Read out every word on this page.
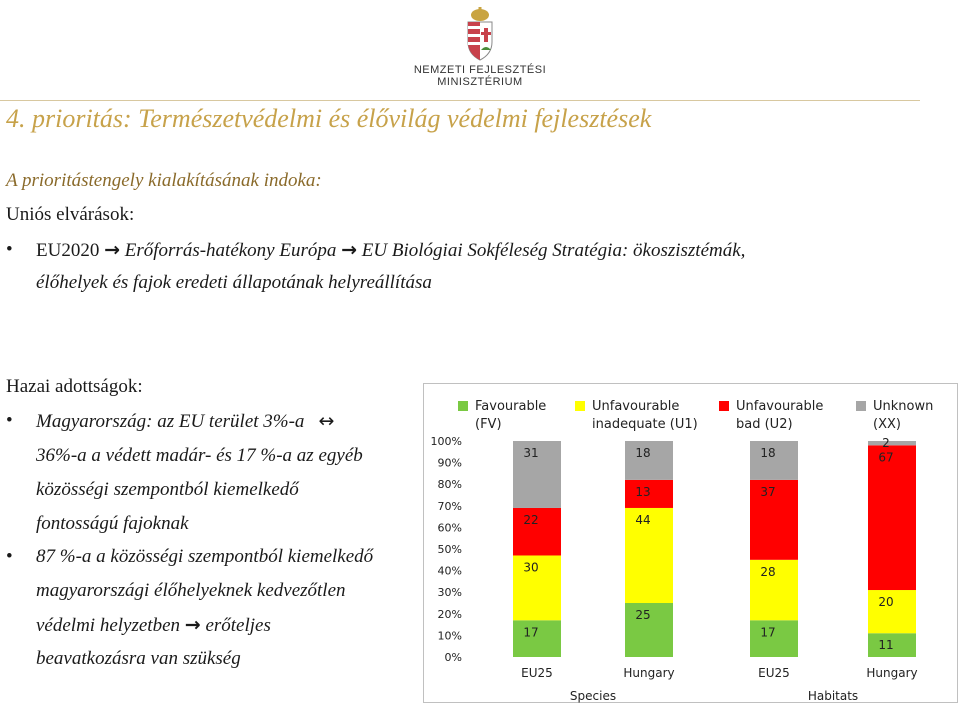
NEMZETI FEJLESZTÉSI
MINISZTÉRIUM
4. prioritás: Természetvédelmi és élővilág védelmi fejlesztések
A prioritástengely kialakításának indoka:
Uniós elvárások:
• EU2020 → Erőforrás-hatékony Európa → EU Biológiai Sokféleség Stratégia: ökoszisztémák,
élőhelyek és fajok eredeti állapotának helyreállítása
Hazai adottságok:
• Magyarország: az EU terület 3%-a ↔
36%-a a védett madár- és 17 %-a az egyéb
közösségi szempontból kiemelkedő
fontosságú fajoknak
• 87 %-a a közösségi szempontból kiemelkedő
magyarországi élőhelyeknek kedvezőtlen
védelmi helyzetben → erőteljes
beavatkozásra van szükség
Favourable
(FV)
Unfavourable
inadequate (U1)
Unfavourable
bad (U2)
Unknown
(XX)
0%
10%
20%
30%
40%
50%
60%
70%
80%
90%
100%
17
30
22
31
EU25
25
44
13
18
Hungary
17
28
37
18
EU25
11
20
67
2
Hungary
Species	Habitats
